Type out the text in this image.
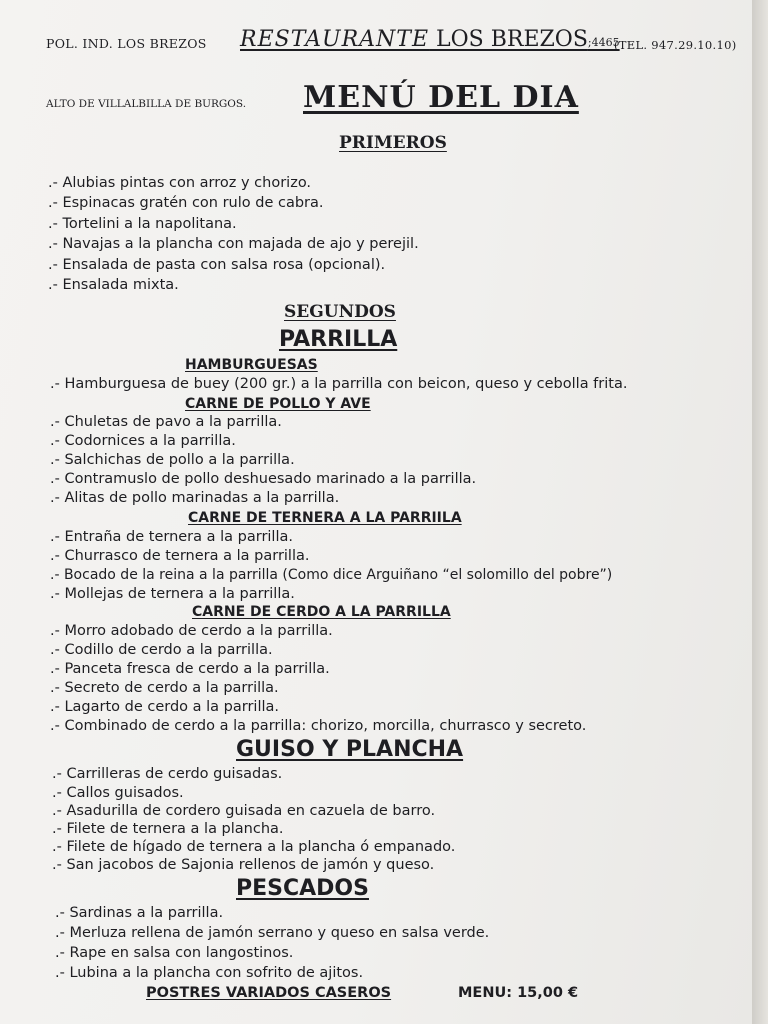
POL. IND. LOS BREZOS RESTAURANTE LOS BREZOS;4465
(TEL. 947.29.10.10)
ALTO DE VILLALBILLA DE BURGOS. MENÚ DEL DIA
PRIMEROS
.- Alubias pintas con arroz y chorizo.
.- Espinacas gratén con rulo de cabra.
.- Tortelini a la napolitana.
.- Navajas a la plancha con majada de ajo y perejil.
.- Ensalada de pasta con salsa rosa (opcional).
.- Ensalada mixta.
SEGUNDOS
PARRILLA
HAMBURGUESAS
.- Hamburguesa de buey (200 gr.) a la parrilla con beicon, queso y cebolla frita.
CARNE DE POLLO Y AVE
.- Chuletas de pavo a la parrilla.
.- Codornices a la parrilla.
.- Salchichas de pollo a la parrilla.
.- Contramuslo de pollo deshuesado marinado a la parrilla.
.- Alitas de pollo marinadas a la parrilla.
CARNE DE TERNERA A LA PARRIILA
.- Entraña de ternera a la parrilla.
.- Churrasco de ternera a la parrilla.
.- Bocado de la reina a la parrilla (Como dice Arguiñano “el solomillo del pobre”)
.- Mollejas de ternera a la parrilla.
CARNE DE CERDO A LA PARRILLA
.- Morro adobado de cerdo a la parrilla.
.- Codillo de cerdo a la parrilla.
.- Panceta fresca de cerdo a la parrilla.
.- Secreto de cerdo a la parrilla.
.- Lagarto de cerdo a la parrilla.
.- Combinado de cerdo a la parrilla: chorizo, morcilla, churrasco y secreto.
GUISO Y PLANCHA
.- Carrilleras de cerdo guisadas.
.- Callos guisados.
.- Asadurilla de cordero guisada en cazuela de barro.
.- Filete de ternera a la plancha.
.- Filete de hígado de ternera a la plancha ó empanado.
.- San jacobos de Sajonia rellenos de jamón y queso.
PESCADOS
.- Sardinas a la parrilla.
.- Merluza rellena de jamón serrano y queso en salsa verde.
.- Rape en salsa con langostinos.
.- Lubina a la plancha con sofrito de ajitos.
POSTRES VARIADOS CASEROS	MENU: 15,00 €
